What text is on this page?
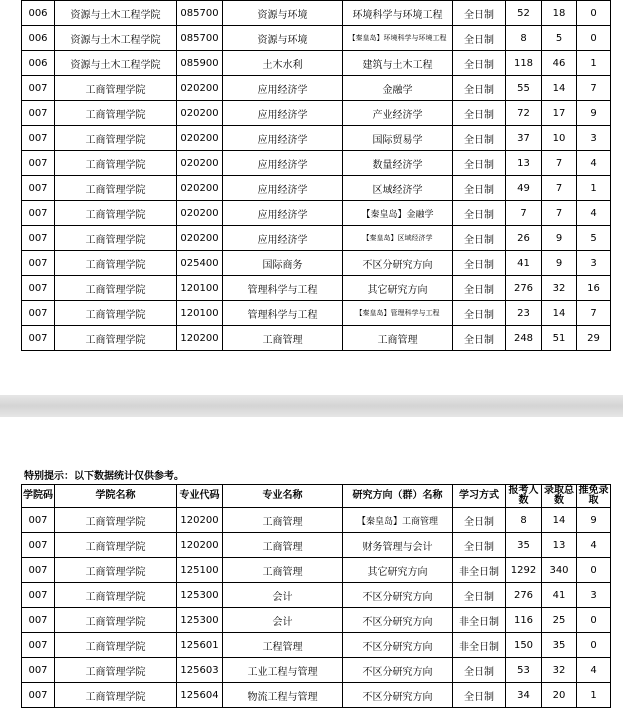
006	资源与土木工程学院	085700	资源与环境	环境科学与环境工程	全日制	52	18	0
006	资源与土木工程学院	085700	资源与环境	【秦皇岛】环境科学与环境工程	全日制	8	5	0
006	资源与土木工程学院	085900	土木水利	建筑与土木工程	全日制	118	46	1
007	工商管理学院	020200	应用经济学	金融学	全日制	55	14	7
007	工商管理学院	020200	应用经济学	产业经济学	全日制	72	17	9
007	工商管理学院	020200	应用经济学	国际贸易学	全日制	37	10	3
007	工商管理学院	020200	应用经济学	数量经济学	全日制	13	7	4
007	工商管理学院	020200	应用经济学	区域经济学	全日制	49	7	1
007	工商管理学院	020200	应用经济学	【秦皇岛】金融学	全日制	7	7	4
007	工商管理学院	020200	应用经济学	【秦皇岛】区域经济学	全日制	26	9	5
007	工商管理学院	025400	国际商务	不区分研究方向	全日制	41	9	3
007	工商管理学院	120100	管理科学与工程	其它研究方向	全日制	276	32	16
007	工商管理学院	120100	管理科学与工程	【秦皇岛】管理科学与工程	全日制	23	14	7
007	工商管理学院	120200	工商管理	工商管理	全日制	248	51	29
特别提示：以下数据统计仅供参考。
学院码	学院名称	专业代码	专业名称	研究方向（群）名称	学习方式	报考人数	录取总数	推免录取
007	工商管理学院	120200	工商管理	【秦皇岛】工商管理	全日制	8	14	9
007	工商管理学院	120200	工商管理	财务管理与会计	全日制	35	13	4
007	工商管理学院	125100	工商管理	其它研究方向	非全日制	1292	340	0
007	工商管理学院	125300	会计	不区分研究方向	全日制	276	41	3
007	工商管理学院	125300	会计	不区分研究方向	非全日制	116	25	0
007	工商管理学院	125601	工程管理	不区分研究方向	非全日制	150	35	0
007	工商管理学院	125603	工业工程与管理	不区分研究方向	全日制	53	32	4
007	工商管理学院	125604	物流工程与管理	不区分研究方向	全日制	34	20	1
